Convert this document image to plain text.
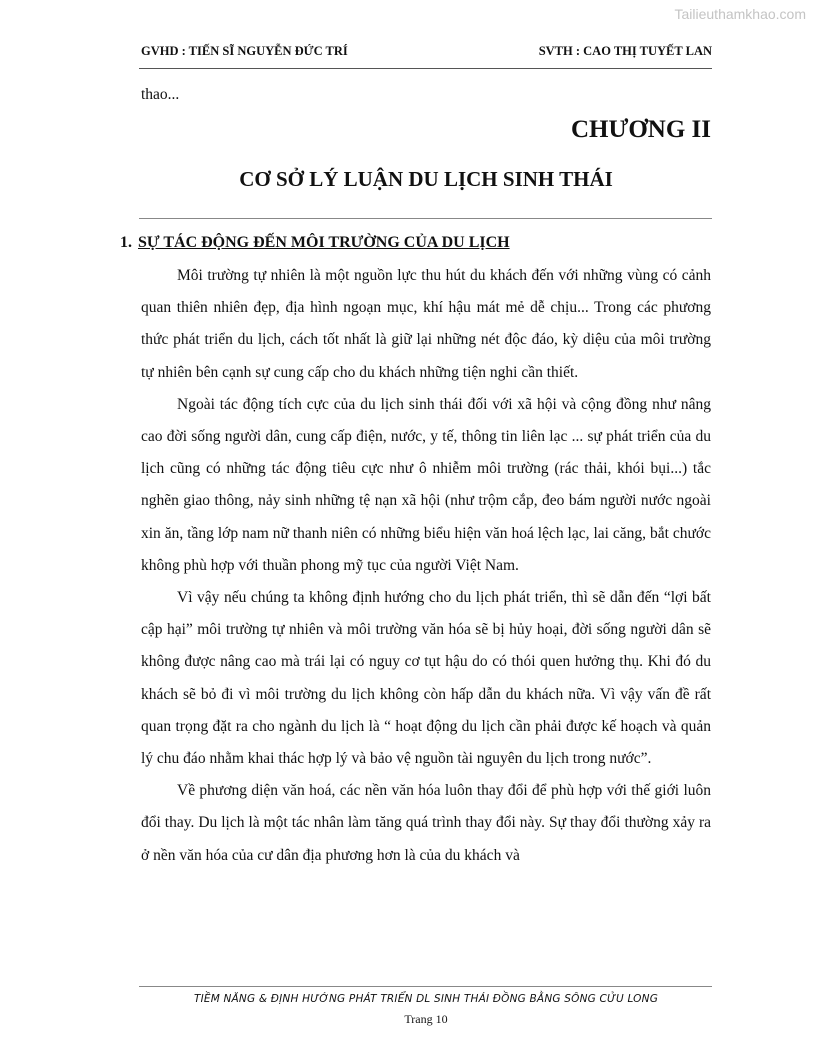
Tailieuthamkhao.com
GVHD : TIẾN SĨ NGUYỄN ĐỨC TRÍ	SVTH : CAO THỊ TUYẾT LAN
thao...
CHƯƠNG II
CƠ SỞ LÝ LUẬN DU LỊCH SINH THÁI
1. SỰ TÁC ĐỘNG ĐẾN MÔI TRƯỜNG CỦA DU LỊCH

Môi trường tự nhiên là một nguồn lực thu hút du khách đến với những vùng có cảnh quan thiên nhiên đẹp, địa hình ngoạn mục, khí hậu mát mẻ dễ chịu... Trong các phương thức phát triển du lịch, cách tốt nhất là giữ lại những nét độc đáo, kỳ diệu của môi trường tự nhiên bên cạnh sự cung cấp cho du khách những tiện nghi cần thiết.

Ngoài tác động tích cực của du lịch sinh thái đối với xã hội và cộng đồng như nâng cao đời sống người dân, cung cấp điện, nước, y tế, thông tin liên lạc ... sự phát triển của du lịch cũng có những tác động tiêu cực như ô nhiễm môi trường (rác thải, khói bụi...) tắc nghẽn giao thông, nảy sinh những tệ nạn xã hội (như trộm cắp, đeo bám người nước ngoài xin ăn, tầng lớp nam nữ thanh niên có những biểu hiện văn hoá lệch lạc, lai căng, bắt chước không phù hợp với thuần phong mỹ tục của người Việt Nam.

Vì vậy nếu chúng ta không định hướng cho du lịch phát triển, thì sẽ dẫn đến “lợi bất cập hại” môi trường tự nhiên và môi trường văn hóa sẽ bị hủy hoại, đời sống người dân sẽ không được nâng cao mà trái lại có nguy cơ tụt hậu do có thói quen hưởng thụ. Khi đó du khách sẽ bỏ đi vì môi trường du lịch không còn hấp dẫn du khách nữa. Vì vậy vấn đề rất quan trọng đặt ra cho ngành du lịch là “ hoạt động du lịch cần phải được kế hoạch và quản lý chu đáo nhằm khai thác hợp lý và bảo vệ nguồn tài nguyên du lịch trong nước”.

Về phương diện văn hoá, các nền văn hóa luôn thay đổi để phù hợp với thế giới luôn đổi thay. Du lịch là một tác nhân làm tăng quá trình thay đổi này. Sự thay đổi thường xảy ra ở nền văn hóa của cư dân địa phương hơn là của du khách và

TIỀM NĂNG & ĐỊNH HƯỚNG PHÁT TRIỂN DL SINH THÁI ĐỒNG BẰNG SÔNG CỬU LONG
Trang 10
